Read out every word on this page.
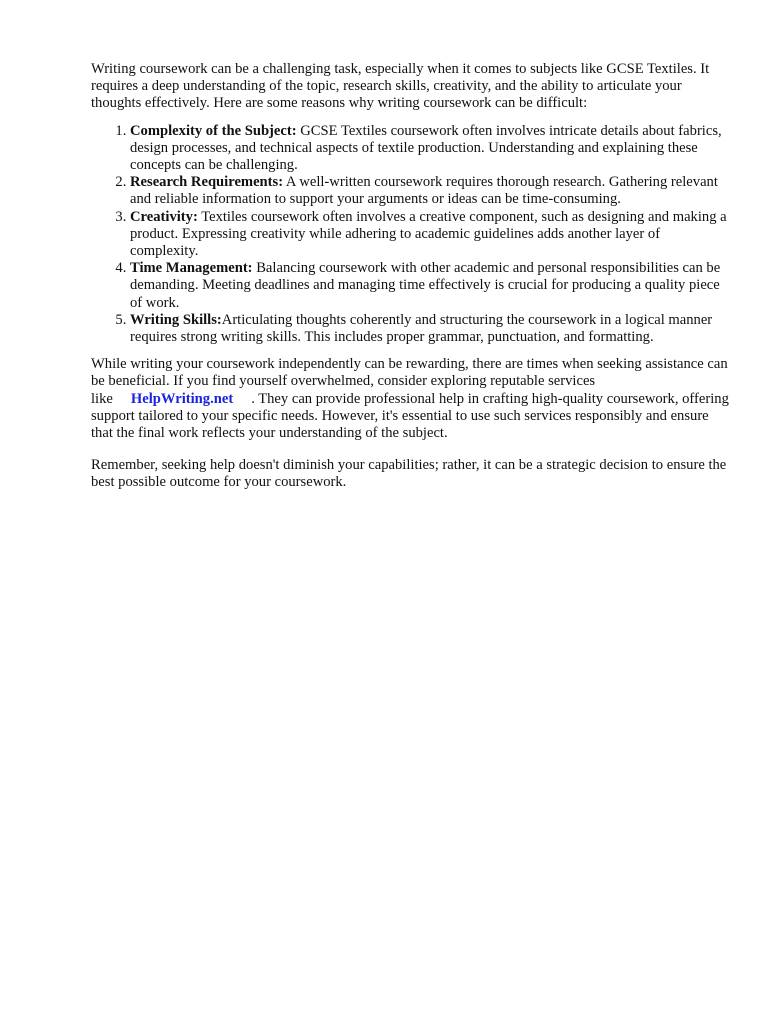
Writing coursework can be a challenging task, especially when it comes to subjects like GCSE Textiles. It requires a deep understanding of the topic, research skills, creativity, and the ability to articulate your thoughts effectively. Here are some reasons why writing coursework can be difficult:

1. Complexity of the Subject: GCSE Textiles coursework often involves intricate details about fabrics, design processes, and technical aspects of textile production. Understanding and explaining these concepts can be challenging.
2. Research Requirements: A well-written coursework requires thorough research. Gathering relevant and reliable information to support your arguments or ideas can be time-consuming.
3. Creativity: Textiles coursework often involves a creative component, such as designing and making a product. Expressing creativity while adhering to academic guidelines adds another layer of complexity.
4. Time Management: Balancing coursework with other academic and personal responsibilities can be demanding. Meeting deadlines and managing time effectively is crucial for producing a quality piece of work.
5. Writing Skills:Articulating thoughts coherently and structuring the coursework in a logical manner requires strong writing skills. This includes proper grammar, punctuation, and formatting.

While writing your coursework independently can be rewarding, there are times when seeking assistance can be beneficial. If you find yourself overwhelmed, consider exploring reputable services like HelpWriting.net . They can provide professional help in crafting high-quality coursework, offering support tailored to your specific needs. However, it's essential to use such services responsibly and ensure that the final work reflects your understanding of the subject.

Remember, seeking help doesn't diminish your capabilities; rather, it can be a strategic decision to ensure the best possible outcome for your coursework.
